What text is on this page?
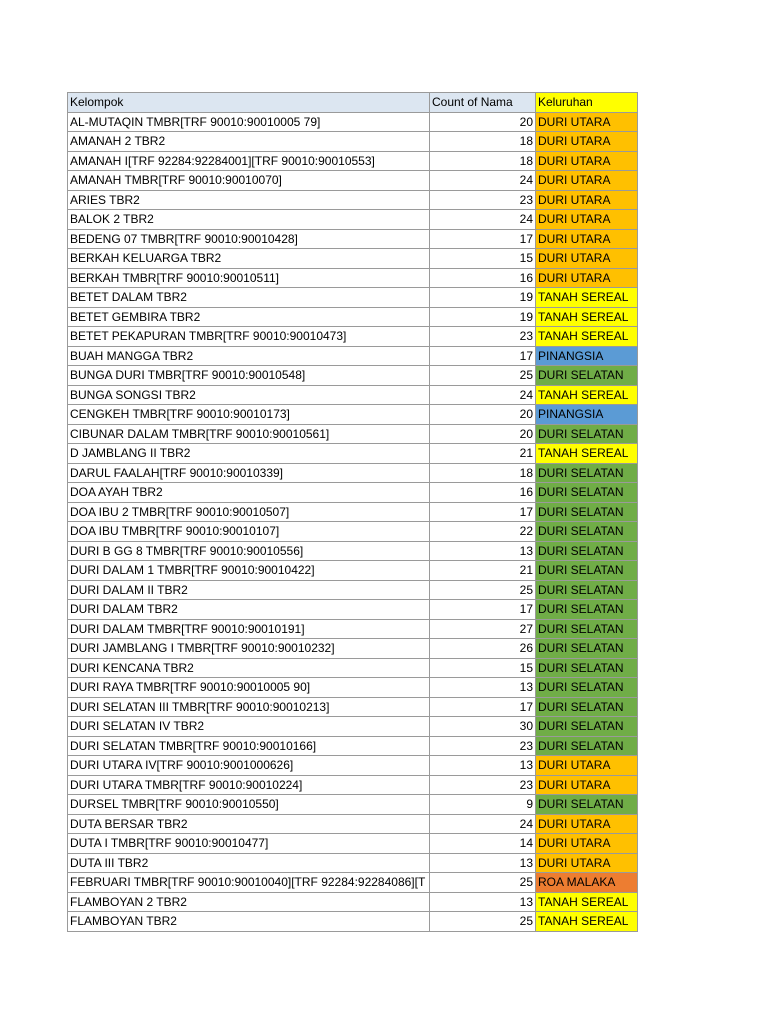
Kelompok	Count of Nama	Keluruhan
AL-MUTAQIN TMBR[TRF 90010:90010005 79]	20	DURI UTARA
AMANAH 2 TBR2	18	DURI UTARA
AMANAH I[TRF 92284:92284001][TRF 90010:90010553]	18	DURI UTARA
AMANAH TMBR[TRF 90010:90010070]	24	DURI UTARA
ARIES TBR2	23	DURI UTARA
BALOK 2 TBR2	24	DURI UTARA
BEDENG 07 TMBR[TRF 90010:90010428]	17	DURI UTARA
BERKAH KELUARGA TBR2	15	DURI UTARA
BERKAH TMBR[TRF 90010:90010511]	16	DURI UTARA
BETET DALAM TBR2	19	TANAH SEREAL
BETET GEMBIRA TBR2	19	TANAH SEREAL
BETET PEKAPURAN TMBR[TRF 90010:90010473]	23	TANAH SEREAL
BUAH MANGGA TBR2	17	PINANGSIA
BUNGA DURI TMBR[TRF 90010:90010548]	25	DURI SELATAN
BUNGA SONGSI TBR2	24	TANAH SEREAL
CENGKEH TMBR[TRF 90010:90010173]	20	PINANGSIA
CIBUNAR DALAM TMBR[TRF 90010:90010561]	20	DURI SELATAN
D JAMBLANG II TBR2	21	TANAH SEREAL
DARUL FAALAH[TRF 90010:90010339]	18	DURI SELATAN
DOA AYAH TBR2	16	DURI SELATAN
DOA IBU 2 TMBR[TRF 90010:90010507]	17	DURI SELATAN
DOA IBU TMBR[TRF 90010:90010107]	22	DURI SELATAN
DURI B GG 8 TMBR[TRF 90010:90010556]	13	DURI SELATAN
DURI DALAM 1 TMBR[TRF 90010:90010422]	21	DURI SELATAN
DURI DALAM II TBR2	25	DURI SELATAN
DURI DALAM TBR2	17	DURI SELATAN
DURI DALAM TMBR[TRF 90010:90010191]	27	DURI SELATAN
DURI JAMBLANG I TMBR[TRF 90010:90010232]	26	DURI SELATAN
DURI KENCANA TBR2	15	DURI SELATAN
DURI RAYA TMBR[TRF 90010:90010005 90]	13	DURI SELATAN
DURI SELATAN III TMBR[TRF 90010:90010213]	17	DURI SELATAN
DURI SELATAN IV TBR2	30	DURI SELATAN
DURI SELATAN TMBR[TRF 90010:90010166]	23	DURI SELATAN
DURI UTARA IV[TRF 90010:9001000626]	13	DURI UTARA
DURI UTARA TMBR[TRF 90010:90010224]	23	DURI UTARA
DURSEL TMBR[TRF 90010:90010550]	9	DURI SELATAN
DUTA BERSAR TBR2	24	DURI UTARA
DUTA I TMBR[TRF 90010:90010477]	14	DURI UTARA
DUTA III TBR2	13	DURI UTARA
FEBRUARI TMBR[TRF 90010:90010040][TRF 92284:92284086][T	25	ROA MALAKA
FLAMBOYAN 2 TBR2	13	TANAH SEREAL
FLAMBOYAN TBR2	25	TANAH SEREAL
